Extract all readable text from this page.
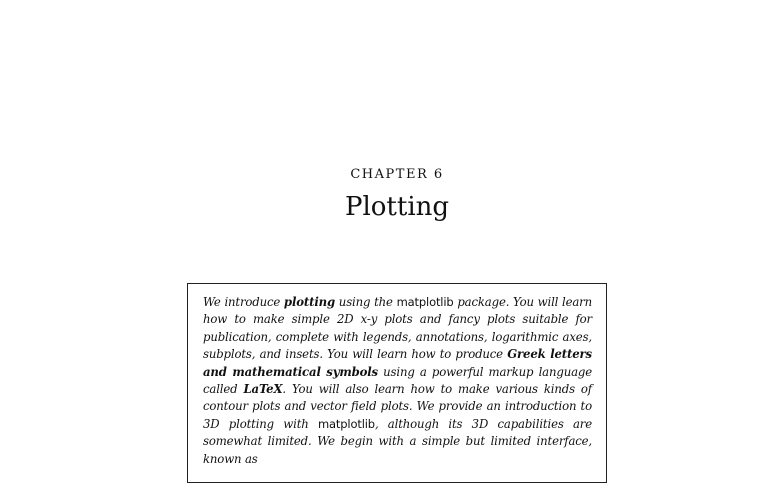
CHAPTER 6
Plotting

We introduce plotting using the matplotlib package. You will learn how to make simple 2D x-y plots and fancy plots suitable for publication, complete with legends, annotations, logarithmic axes, subplots, and insets. You will learn how to produce Greek letters and mathematical symbols using a powerful markup language called LaTeX. You will also learn how to make various kinds of contour plots and vector field plots. We provide an introduction to 3D plotting with matplotlib, although its 3D capabilities are somewhat limited. We begin with a simple but limited interface, known as
